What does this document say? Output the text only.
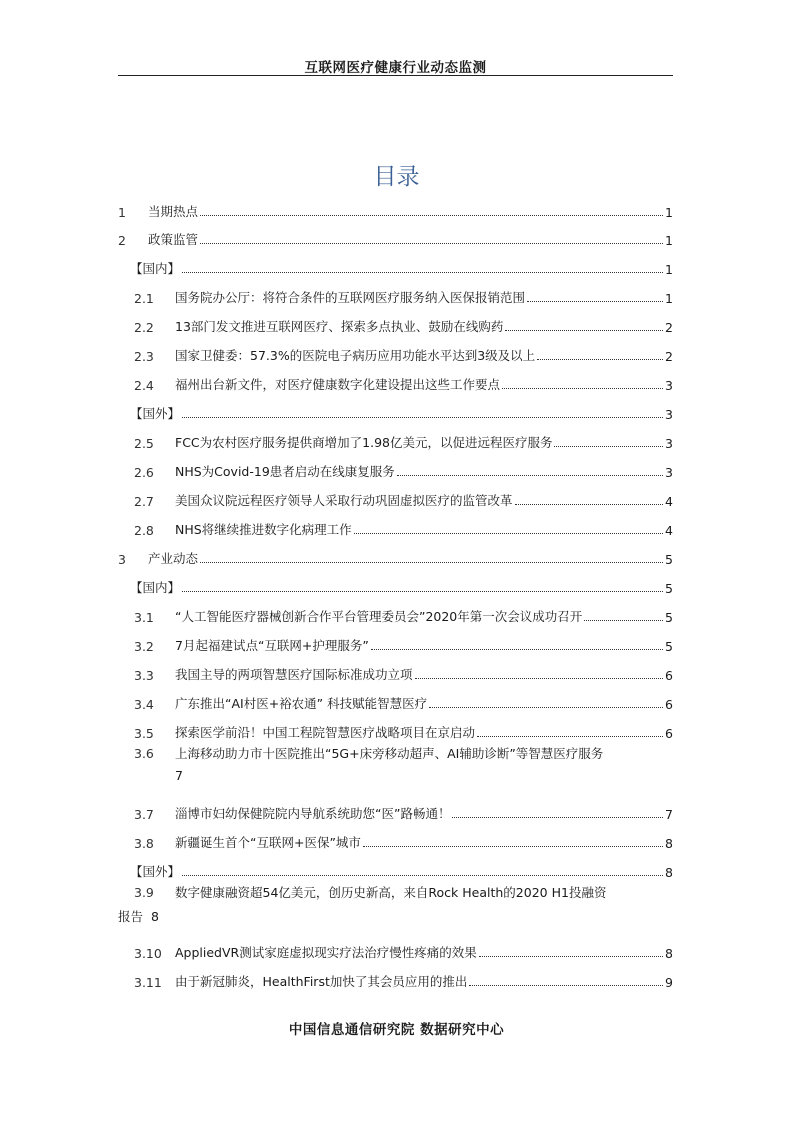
互联网医疗健康行业动态监测
目录
1	当期热点	1
2	政策监管	1
【国内】	1
2.1	国务院办公厅：将符合条件的互联网医疗服务纳入医保报销范围	1
2.2	13部门发文推进互联网医疗、探索多点执业、鼓励在线购药	2
2.3	国家卫健委：57.3%的医院电子病历应用功能水平达到3级及以上	2
2.4	福州出台新文件，对医疗健康数字化建设提出这些工作要点	3
【国外】	3
2.5	FCC为农村医疗服务提供商增加了1.98亿美元，以促进远程医疗服务	3
2.6	NHS为Covid-19患者启动在线康复服务	3
2.7	美国众议院远程医疗领导人采取行动巩固虚拟医疗的监管改革	4
2.8	NHS将继续推进数字化病理工作	4
3	产业动态	5
【国内】	5
3.1	“人工智能医疗器械创新合作平台管理委员会”2020年第一次会议成功召开	5
3.2	7月起福建试点“互联网+护理服务”	5
3.3	我国主导的两项智慧医疗国际标准成功立项	6
3.4	广东推出“AI村医+裕农通” 科技赋能智慧医疗	6
3.5	探索医学前沿！中国工程院智慧医疗战略项目在京启动	6
3.6 上海移动助力市十医院推出“5G+床旁移动超声、AI辅助诊断”等智慧医疗服务
7
3.7	淄博市妇幼保健院院内导航系统助您“医”路畅通！	7
3.8	新疆诞生首个“互联网+医保”城市	8
【国外】	8
3.9 数字健康融资超54亿美元，创历史新高，来自Rock Health的2020 H1投融资
报告 8
3.10	AppliedVR测试家庭虚拟现实疗法治疗慢性疼痛的效果	8
3.11	由于新冠肺炎，HealthFirst加快了其会员应用的推出	9
中国信息通信研究院 数据研究中心
